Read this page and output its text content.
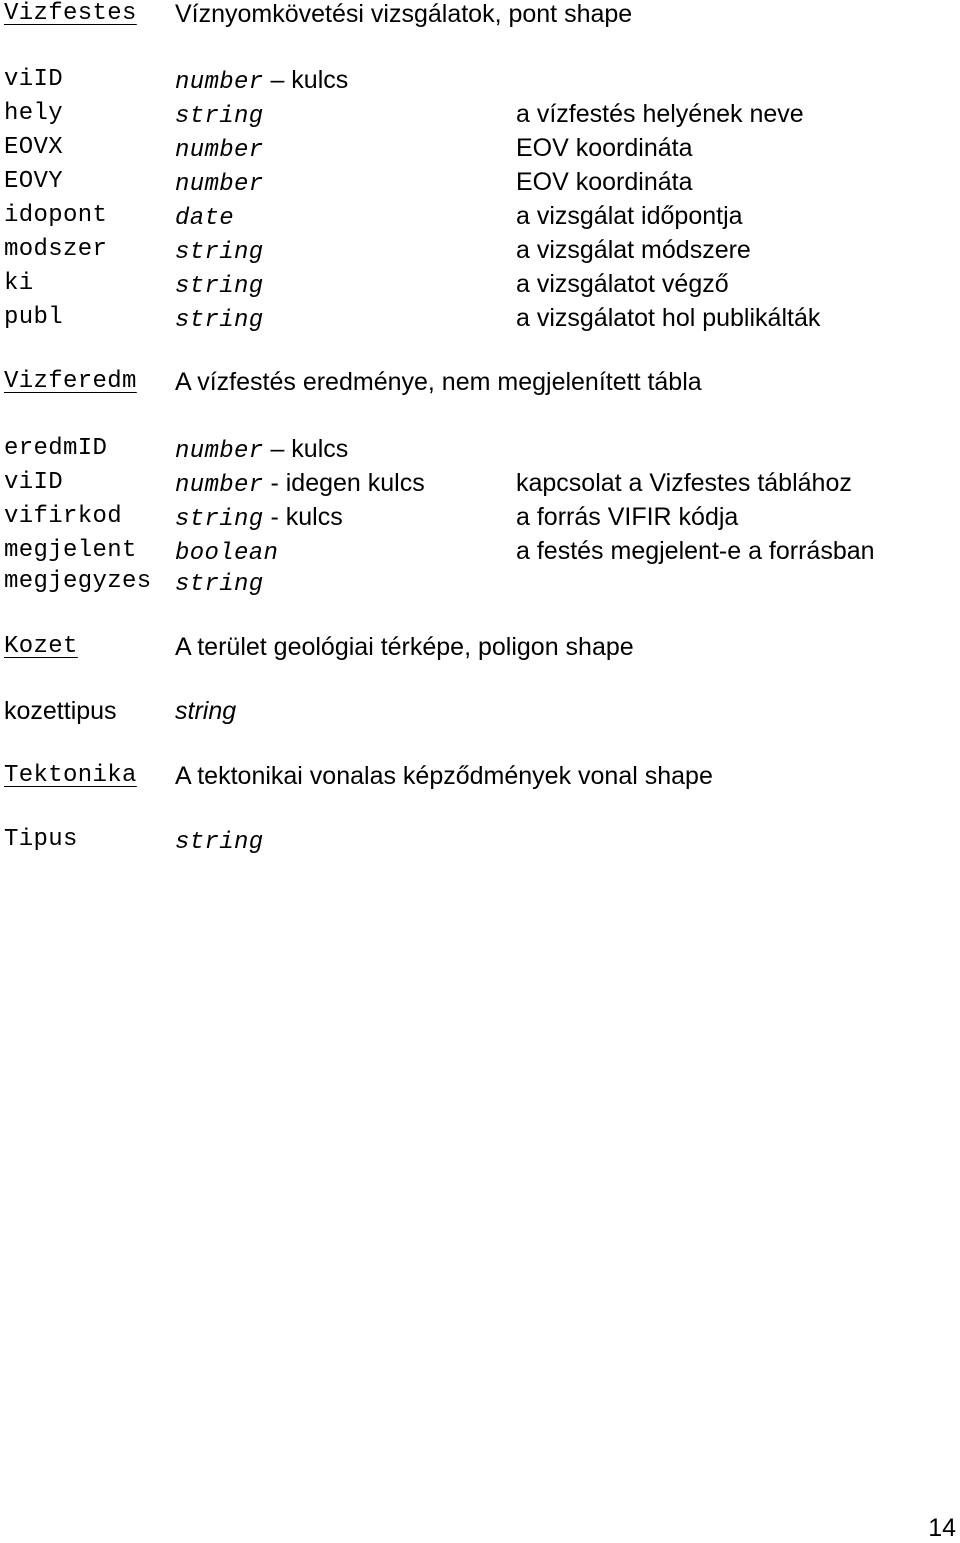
Vizfestes Víznyomkövetési vizsgálatok, pont shape
viID	number – kulcs
hely	string	a vízfestés helyének neve
EOVX	number	EOV koordináta
EOVY	number	EOV koordináta
idopont	date	a vizsgálat időpontja
modszer	string	a vizsgálat módszere
ki	string	a vizsgálatot végző
publ	string	a vizsgálatot hol publikálták
Vizferedm A vízfestés eredménye, nem megjelenített tábla
eredmID	number – kulcs
viID	number - idegen kulcs	kapcsolat a Vizfestes táblához
vifirkod string - kulcs	a forrás VIFIR kódja
megjelent boolean	a festés megjelent-e a forrásban
megjegyzes string
Kozet	A terület geológiai térképe, poligon shape
kozettipus string
Tektonika A tektonikai vonalas képződmények vonal shape
Tipus	string
14
